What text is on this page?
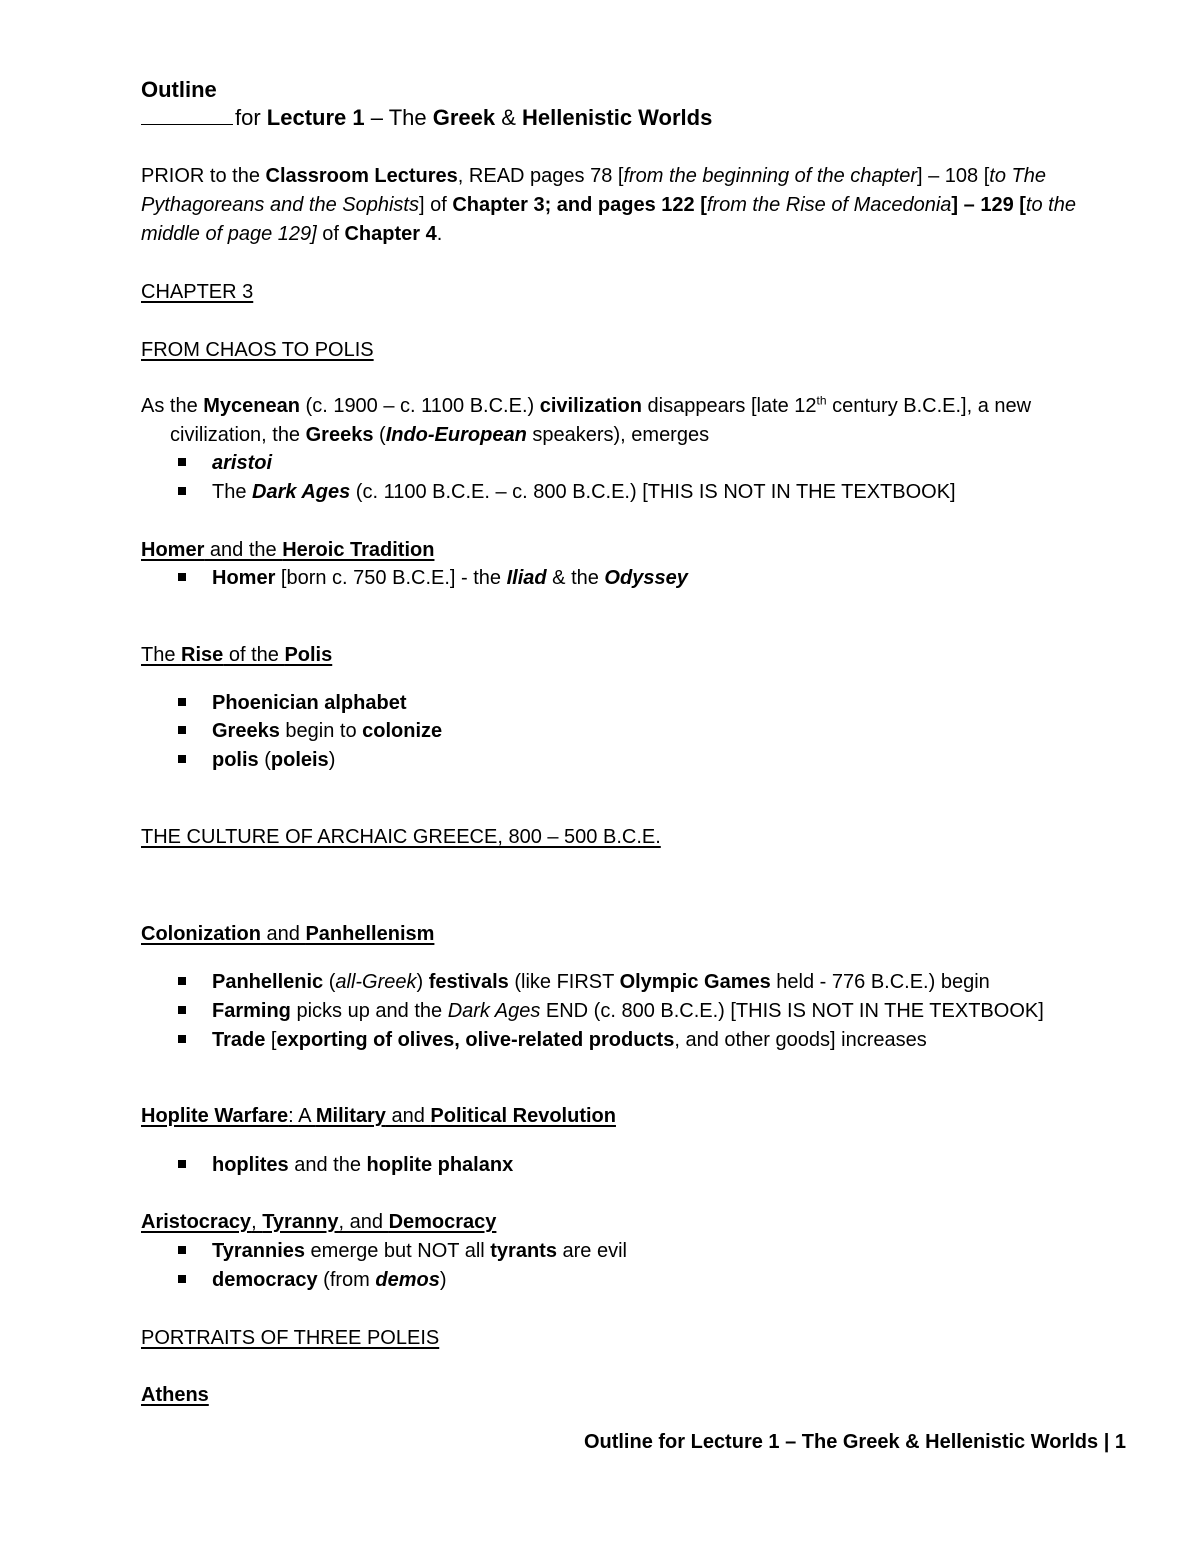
Outline
for Lecture 1 – The Greek & Hellenistic Worlds
PRIOR to the Classroom Lectures, READ pages 78 [from the beginning of the chapter] – 108 [to The
Pythagoreans and the Sophists] of Chapter 3; and pages 122 [from the Rise of Macedonia] – 129 [to the
middle of page 129] of Chapter 4.
CHAPTER 3
FROM CHAOS TO POLIS
As the Mycenean (c. 1900 – c. 1100 B.C.E.) civilization disappears [late 12th century B.C.E.], a new
civilization, the Greeks (Indo-European speakers), emerges
aristoi
The Dark Ages (c. 1100 B.C.E. – c. 800 B.C.E.) [THIS IS NOT IN THE TEXTBOOK]
Homer and the Heroic Tradition
Homer [born c. 750 B.C.E.] - the Iliad & the Odyssey
The Rise of the Polis
Phoenician alphabet
Greeks begin to colonize
polis (poleis)
THE CULTURE OF ARCHAIC GREECE, 800 – 500 B.C.E.
Colonization and Panhellenism
Panhellenic (all-Greek) festivals (like FIRST Olympic Games held - 776 B.C.E.) begin
Farming picks up and the Dark Ages END (c. 800 B.C.E.) [THIS IS NOT IN THE TEXTBOOK]
Trade [exporting of olives, olive-related products, and other goods] increases
Hoplite Warfare: A Military and Political Revolution
hoplites and the hoplite phalanx
Aristocracy, Tyranny, and Democracy
Tyrannies emerge but NOT all tyrants are evil
democracy (from demos)
PORTRAITS OF THREE POLEIS
Athens
Outline for Lecture 1 – The Greek & Hellenistic Worlds | 1
